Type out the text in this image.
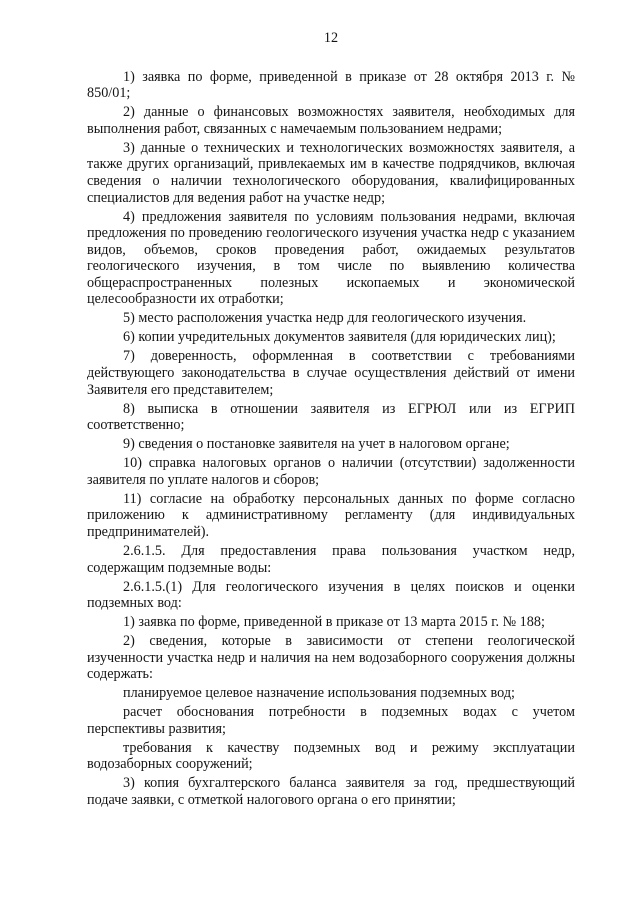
12

1) заявка по форме, приведенной в приказе от 28 октября 2013 г. № 850/01;

2) данные о финансовых возможностях заявителя, необходимых для выполнения работ, связанных с намечаемым пользованием недрами;

3) данные о технических и технологических возможностях заявителя, а также других организаций, привлекаемых им в качестве подрядчиков, включая сведения о наличии технологического оборудования, квалифицированных специалистов для ведения работ на участке недр;

4) предложения заявителя по условиям пользования недрами, включая предложения по проведению геологического изучения участка недр с указанием видов, объемов, сроков проведения работ, ожидаемых результатов геологического изучения, в том числе по выявлению количества общераспространенных полезных ископаемых и экономической целесообразности их отработки;

5) место расположения участка недр для геологического изучения.

6) копии учредительных документов заявителя (для юридических лиц);

7) доверенность, оформленная в соответствии с требованиями действующего законодательства в случае осуществления действий от имени Заявителя его представителем;

8) выписка в отношении заявителя из ЕГРЮЛ или из ЕГРИП соответственно;

9) сведения о постановке заявителя на учет в налоговом органе;

10) справка налоговых органов о наличии (отсутствии) задолженности заявителя по уплате налогов и сборов;

11) согласие на обработку персональных данных по форме согласно приложению к административному регламенту (для индивидуальных предпринимателей).

2.6.1.5. Для предоставления права пользования участком недр, содержащим подземные воды:

2.6.1.5.(1) Для геологического изучения в целях поисков и оценки подземных вод:

1) заявка по форме, приведенной в приказе от 13 марта 2015 г. № 188;

2) сведения, которые в зависимости от степени геологической изученности участка недр и наличия на нем водозаборного сооружения должны содержать:

планируемое целевое назначение использования подземных вод;

расчет обоснования потребности в подземных водах с учетом перспективы развития;

требования к качеству подземных вод и режиму эксплуатации водозаборных сооружений;

3) копия бухгалтерского баланса заявителя за год, предшествующий подаче заявки, с отметкой налогового органа о его принятии;
